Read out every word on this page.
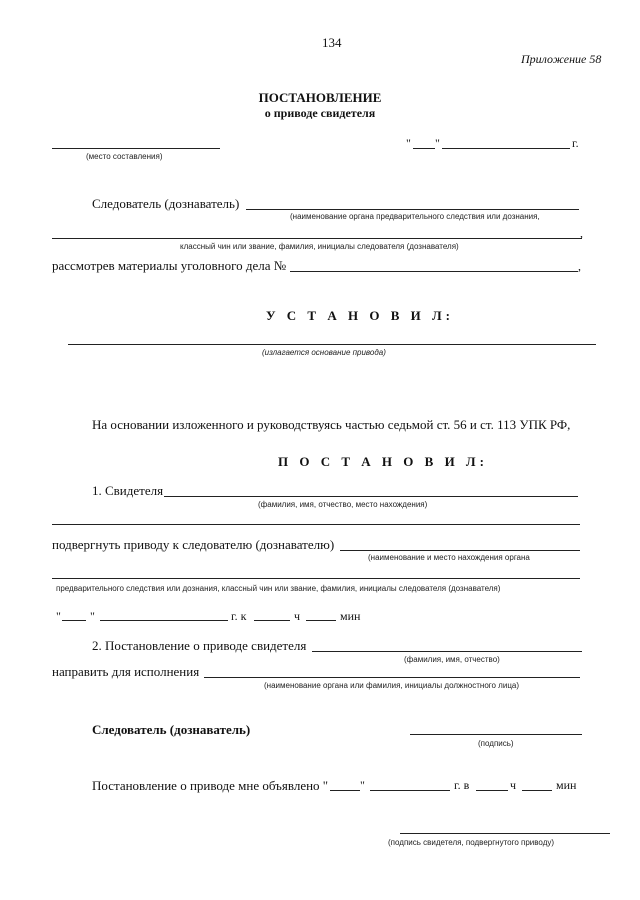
134
Приложение 58
ПОСТАНОВЛЕНИЕ
о приводе свидетеля
(место составления)
" "	г.
Следователь (дознаватель)
(наименование органа предварительного следствия или дознания,
,
классный чин или звание, фамилия, инициалы следователя (дознавателя)
рассмотрев материалы уголовного дела №	,
У С Т А Н О В И Л:
(излагается основание привода)
На основании изложенного и руководствуясь частью седьмой ст. 56 и ст. 113 УПК РФ,
П О С Т А Н О В И Л:
1. Свидетеля
(фамилия, имя, отчество, место нахождения)
подвергнуть приводу к следователю (дознавателю)
(наименование и место нахождения органа
предварительного следствия или дознания, классный чин или звание, фамилия, инициалы следователя (дознавателя)
" "	г. к	ч	мин
2. Постановление о приводе свидетеля
(фамилия, имя, отчество)
направить для исполнения
(наименование органа или фамилия, инициалы должностного лица)
Следователь (дознаватель)
(подпись)
Постановление о приводе мне объявлено "	"	г. в	ч	мин
(подпись свидетеля, подвергнутого приводу)
